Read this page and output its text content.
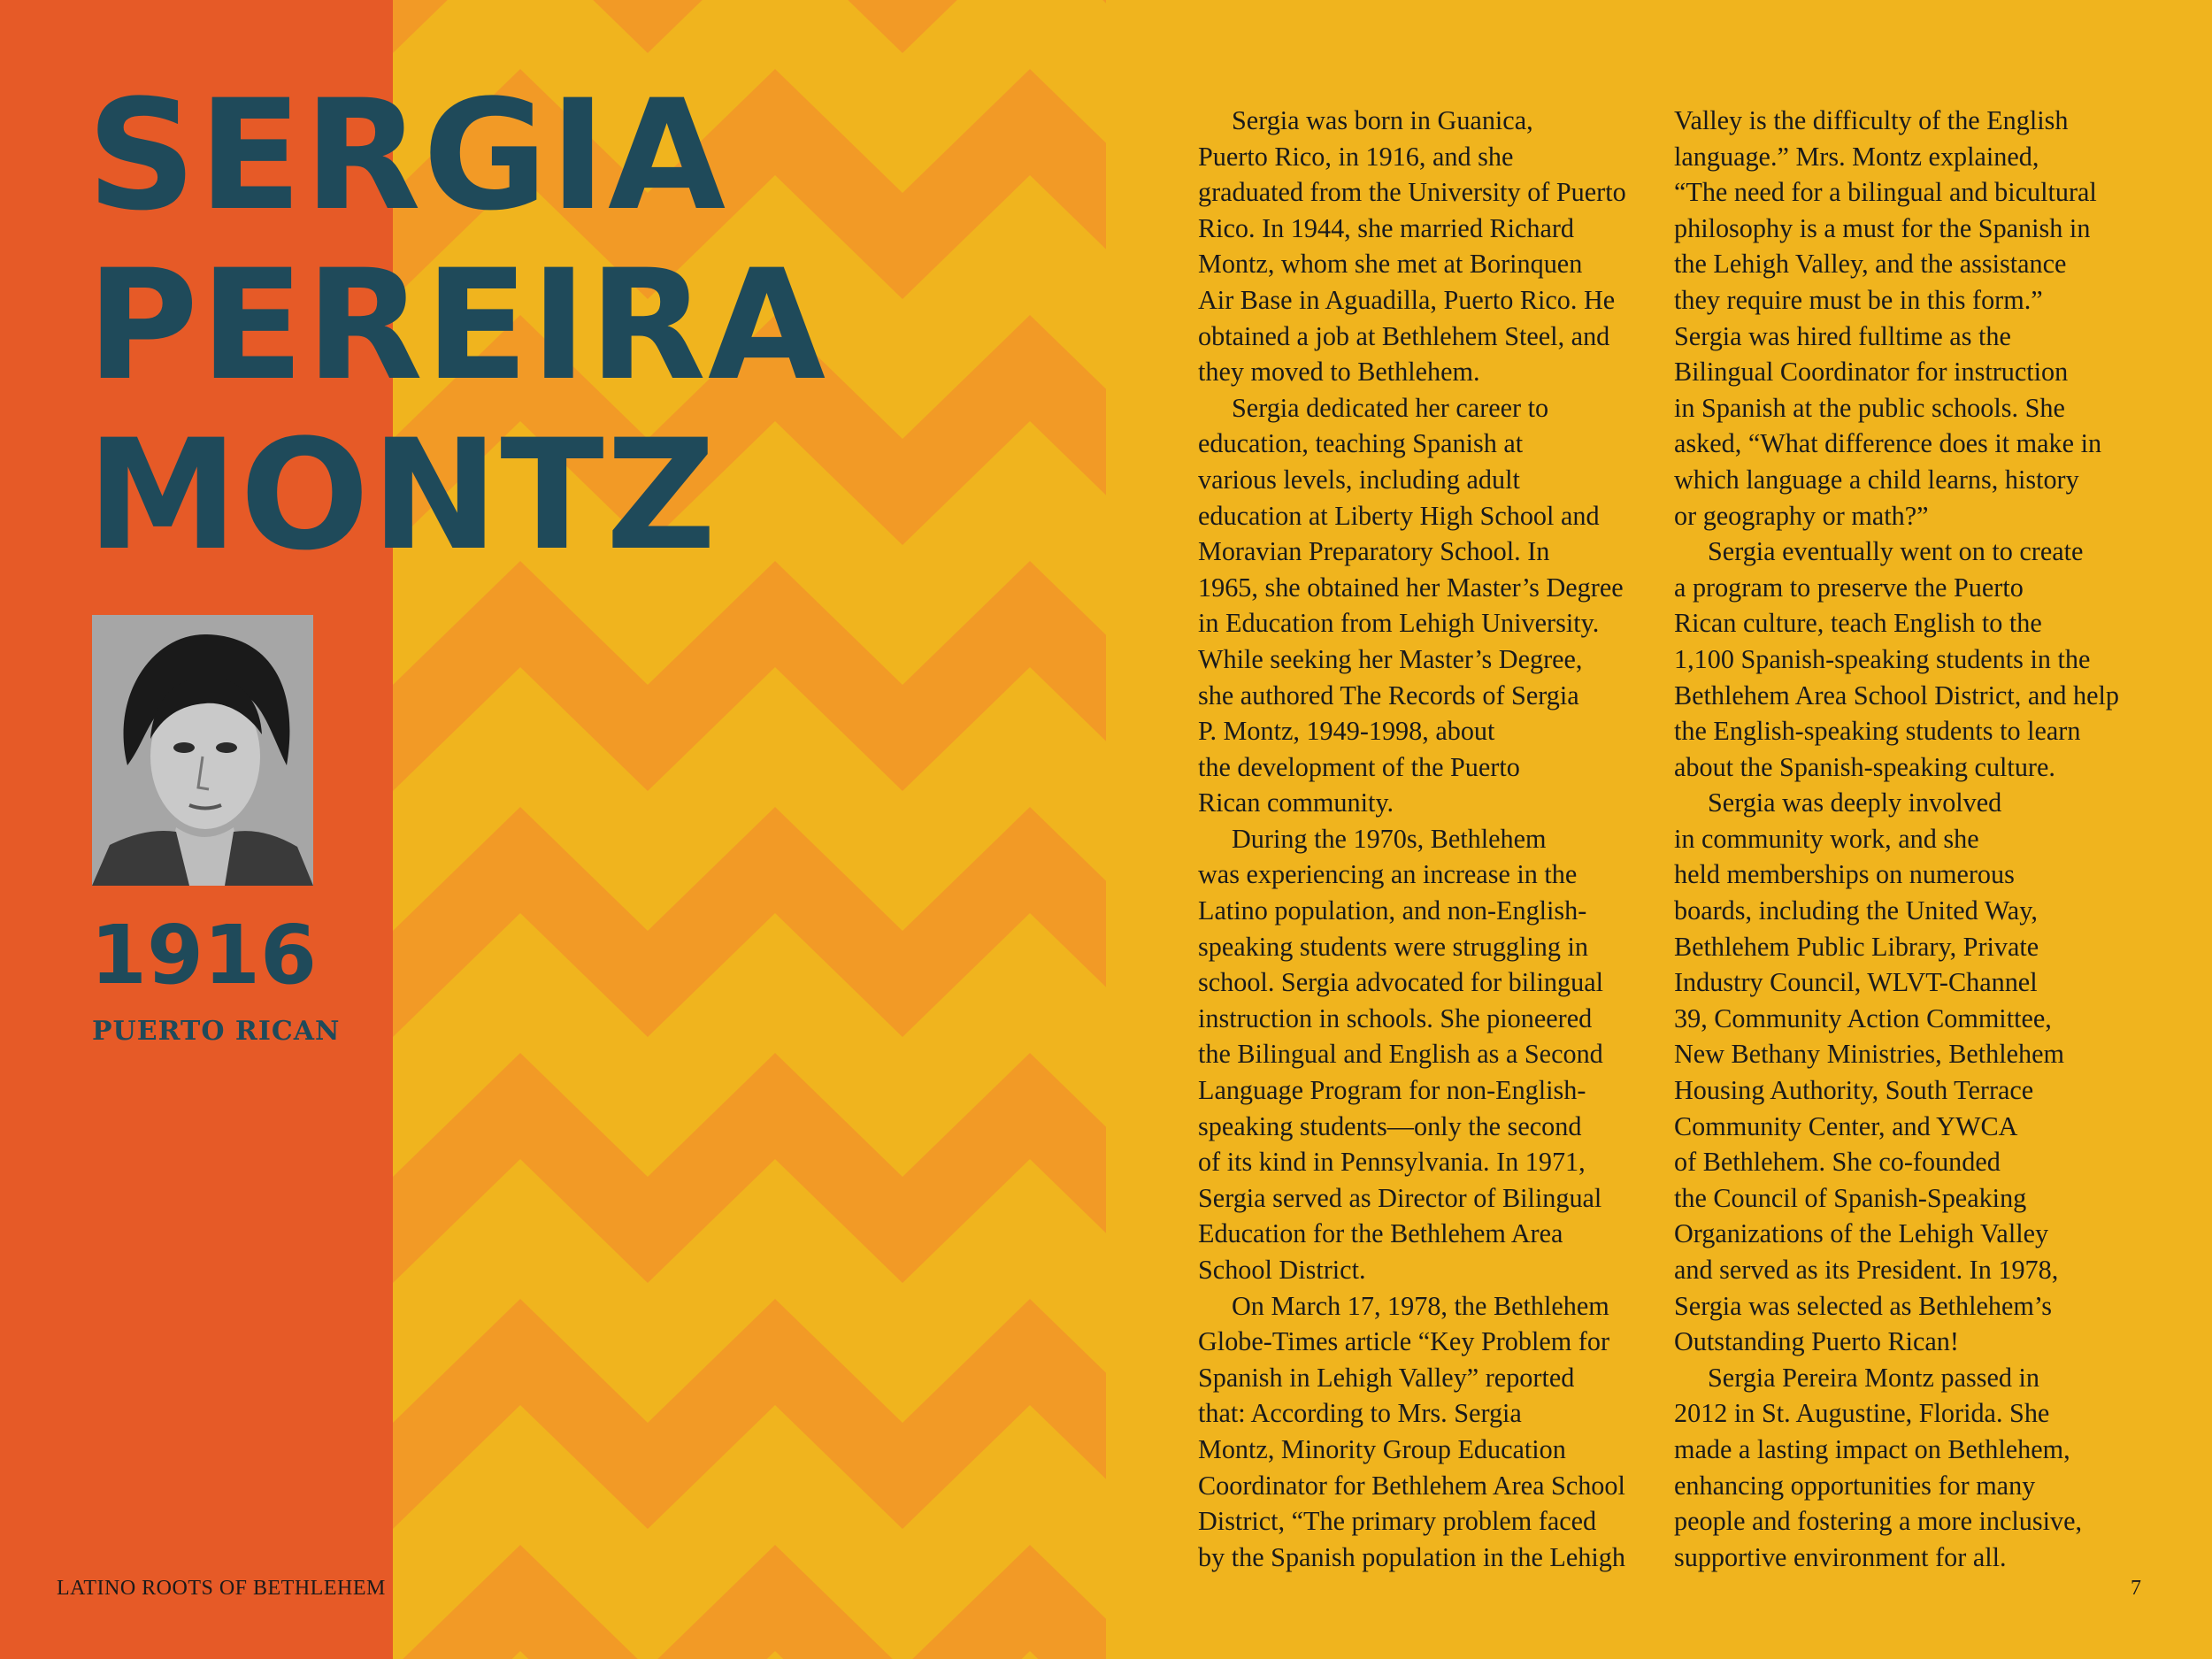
SERGIA
PEREIRA
MONTZ
1916
PUERTO RICAN
Sergia was born in Guanica,
Puerto Rico, in 1916, and she
graduated from the University of Puerto
Rico. In 1944, she married Richard
Montz, whom she met at Borinquen
Air Base in Aguadilla, Puerto Rico. He
obtained a job at Bethlehem Steel, and
they moved to Bethlehem.
Sergia dedicated her career to
education, teaching Spanish at
various levels, including adult
education at Liberty High School and
Moravian Preparatory School. In
1965, she obtained her Master’s Degree
in Education from Lehigh University.
While seeking her Master’s Degree,
she authored The Records of Sergia
P. Montz, 1949-1998, about
the development of the Puerto
Rican community.
During the 1970s, Bethlehem
was experiencing an increase in the
Latino population, and non-English-
speaking students were struggling in
school. Sergia advocated for bilingual
instruction in schools. She pioneered
the Bilingual and English as a Second
Language Program for non-English-
speaking students—only the second
of its kind in Pennsylvania. In 1971,
Sergia served as Director of Bilingual
Education for the Bethlehem Area
School District.
On March 17, 1978, the Bethlehem
Globe-Times article “Key Problem for
Spanish in Lehigh Valley” reported
that: According to Mrs. Sergia
Montz, Minority Group Education
Coordinator for Bethlehem Area School
District, “The primary problem faced
by the Spanish population in the Lehigh
Valley is the difficulty of the English
language.” Mrs. Montz explained,
“The need for a bilingual and bicultural
philosophy is a must for the Spanish in
the Lehigh Valley, and the assistance
they require must be in this form.”
Sergia was hired fulltime as the
Bilingual Coordinator for instruction
in Spanish at the public schools. She
asked, “What difference does it make in
which language a child learns, history
or geography or math?”
Sergia eventually went on to create
a program to preserve the Puerto
Rican culture, teach English to the
1,100 Spanish-speaking students in the
Bethlehem Area School District, and help
the English-speaking students to learn
about the Spanish-speaking culture.
Sergia was deeply involved
in community work, and she
held memberships on numerous
boards, including the United Way,
Bethlehem Public Library, Private
Industry Council, WLVT-Channel
39, Community Action Committee,
New Bethany Ministries, Bethlehem
Housing Authority, South Terrace
Community Center, and YWCA
of Bethlehem. She co-founded
the Council of Spanish-Speaking
Organizations of the Lehigh Valley
and served as its President. In 1978,
Sergia was selected as Bethlehem’s
Outstanding Puerto Rican!
Sergia Pereira Montz passed in
2012 in St. Augustine, Florida. She
made a lasting impact on Bethlehem,
enhancing opportunities for many
people and fostering a more inclusive,
supportive environment for all.
LATINO ROOTS OF BETHLEHEM	7
